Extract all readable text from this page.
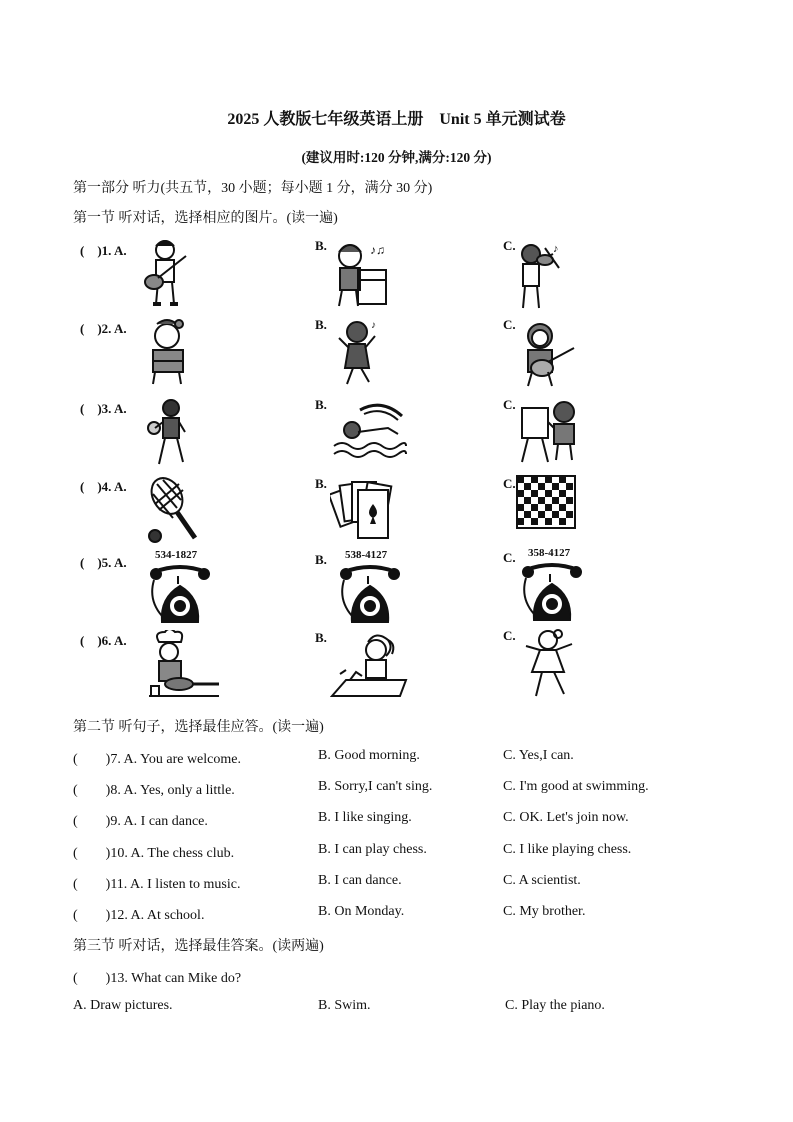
2025 人教版七年级英语上册　Unit 5 单元测试卷
(建议用时:120 分钟,满分:120 分)
第一部分 听力(共五节，30 小题；每小题 1 分，满分 30 分)
第一节 听对话，选择相应的图片。(读一遍)
(　)1. A.	B.	C.
♪♫	♪
(　)2. A.	B.	C.
♪
(　)3. A.	B.	C.
(　)4. A.	B.	C.
(　)5. A.	B.	C.
534-1827	538-4127	358-4127
(　)6. A.	B.	C.
第二节 听句子，选择最佳应答。(读一遍)
(　　)7. A. You are welcome.	B. Good morning.	C. Yes,I can.
(　　)8. A. Yes, only a little.	B. Sorry,I can't sing.	C. I'm good at swimming.
(　　)9. A. I can dance.	B. I like singing.	C. OK. Let's join now.
(　　)10. A. The chess club.	B. I can play chess.	C. I like playing chess.
(　　)11. A. I listen to music.	B. I can dance.	C. A scientist.
(　　)12. A. At school.	B. On Monday.	C. My brother.
第三节 听对话，选择最佳答案。(读两遍)
(　　)13. What can Mike do?
A. Draw pictures.	B. Swim.	C. Play the piano.
